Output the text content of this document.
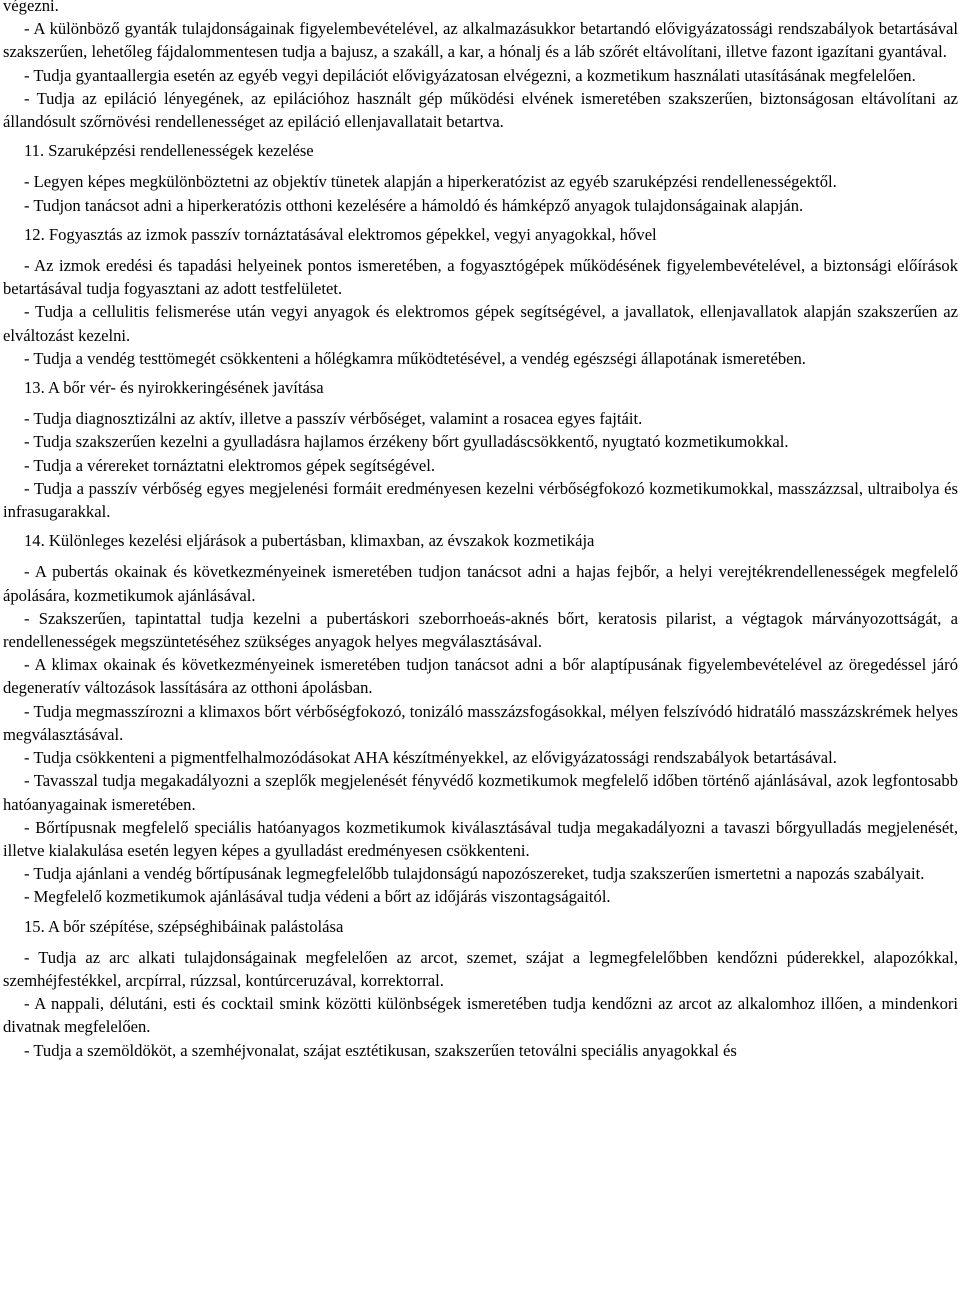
végezni.

- A különböző gyanták tulajdonságainak figyelembevételével, az alkalmazásukkor betartandó elővigyázatossági rendszabályok betartásával szakszerűen, lehetőleg fájdalommentesen tudja a bajusz, a szakáll, a kar, a hónalj és a láb szőrét eltávolítani, illetve fazont igazítani gyantával.

- Tudja gyantaallergia esetén az egyéb vegyi depilációt elővigyázatosan elvégezni, a kozmetikum használati utasításának megfelelően.

- Tudja az epiláció lényegének, az epilációhoz használt gép működési elvének ismeretében szakszerűen, biztonságosan eltávolítani az állandósult szőrnövési rendellenességet az epiláció ellenjavallatait betartva.

11. Szaruképzési rendellenességek kezelése

- Legyen képes megkülönböztetni az objektív tünetek alapján a hiperkeratózist az egyéb szaruképzési rendellenességektől.

- Tudjon tanácsot adni a hiperkeratózis otthoni kezelésére a hámoldó és hámképző anyagok tulajdonságainak alapján.

12. Fogyasztás az izmok passzív tornáztatásával elektromos gépekkel, vegyi anyagokkal, hővel

- Az izmok eredési és tapadási helyeinek pontos ismeretében, a fogyasztógépek működésének figyelembevételével, a biztonsági előírások betartásával tudja fogyasztani az adott testfelületet.

- Tudja a cellulitis felismerése után vegyi anyagok és elektromos gépek segítségével, a javallatok, ellenjavallatok alapján szakszerűen az elváltozást kezelni.

- Tudja a vendég testtömegét csökkenteni a hőlégkamra működtetésével, a vendég egészségi állapotának ismeretében.

13. A bőr vér- és nyirokkeringésének javítása

- Tudja diagnosztizálni az aktív, illetve a passzív vérbőséget, valamint a rosacea egyes fajtáit.

- Tudja szakszerűen kezelni a gyulladásra hajlamos érzékeny bőrt gyulladáscsökkentő, nyugtató kozmetikumokkal.

- Tudja a vérereket tornáztatni elektromos gépek segítségével.

- Tudja a passzív vérbőség egyes megjelenési formáit eredményesen kezelni vérbőségfokozó kozmetikumokkal, masszázzsal, ultraibolya és infrasugarakkal.

14. Különleges kezelési eljárások a pubertásban, klimaxban, az évszakok kozmetikája

- A pubertás okainak és következményeinek ismeretében tudjon tanácsot adni a hajas fejbőr, a helyi verejtékrendellenességek megfelelő ápolására, kozmetikumok ajánlásával.

- Szakszerűen, tapintattal tudja kezelni a pubertáskori szeborrhoeás-aknés bőrt, keratosis pilarist, a végtagok márványozottságát, a rendellenességek megszüntetéséhez szükséges anyagok helyes megválasztásával.

- A klimax okainak és következményeinek ismeretében tudjon tanácsot adni a bőr alaptípusának figyelembevételével az öregedéssel járó degeneratív változások lassítására az otthoni ápolásban.

- Tudja megmasszírozni a klimaxos bőrt vérbőségfokozó, tonizáló masszázsfogásokkal, mélyen felszívódó hidratáló masszázskrémek helyes megválasztásával.

- Tudja csökkenteni a pigmentfelhalmozódásokat AHA készítményekkel, az elővigyázatossági rendszabályok betartásával.

- Tavasszal tudja megakadályozni a szeplők megjelenését fényvédő kozmetikumok megfelelő időben történő ajánlásával, azok legfontosabb hatóanyagainak ismeretében.

- Bőrtípusnak megfelelő speciális hatóanyagos kozmetikumok kiválasztásával tudja megakadályozni a tavaszi bőrgyulladás megjelenését, illetve kialakulása esetén legyen képes a gyulladást eredményesen csökkenteni.

- Tudja ajánlani a vendég bőrtípusának legmegfelelőbb tulajdonságú napozószereket, tudja szakszerűen ismertetni a napozás szabályait.

- Megfelelő kozmetikumok ajánlásával tudja védeni a bőrt az időjárás viszontagságaitól.

15. A bőr szépítése, szépséghibáinak palástolása

- Tudja az arc alkati tulajdonságainak megfelelően az arcot, szemet, szájat a legmegfelelőbben kendőzni púderekkel, alapozókkal, szemhéjfestékkel, arcpírral, rúzzsal, kontúrceruzával, korrektorral.

- A nappali, délutáni, esti és cocktail smink közötti különbségek ismeretében tudja kendőzni az arcot az alkalomhoz illően, a mindenkori divatnak megfelelően.

- Tudja a szemöldököt, a szemhéjvonalat, szájat esztétikusan, szakszerűen tetoválni speciális anyagokkal és
